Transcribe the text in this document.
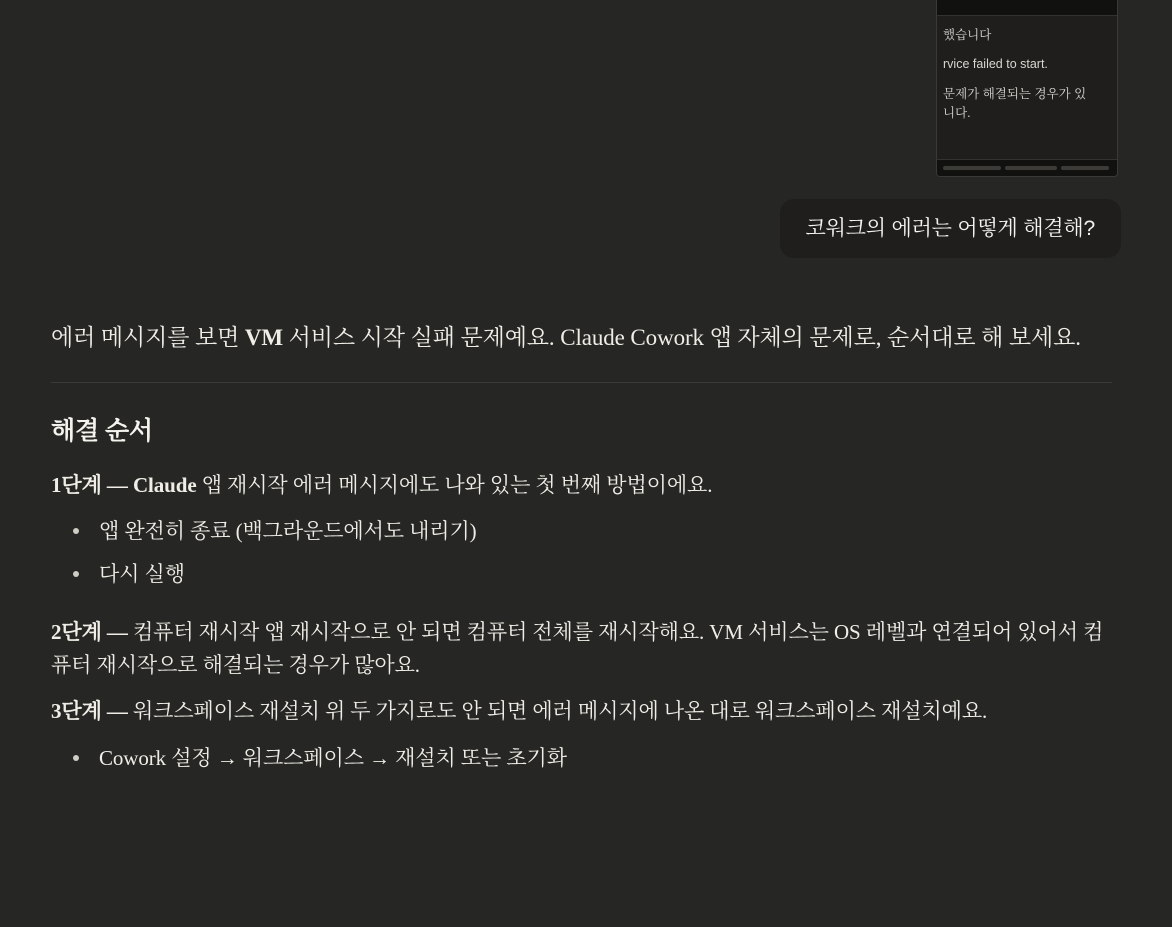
했습니다
rvice failed to start.
문제가 해결되는 경우가 있
니다.
코워크의 에러는 어떻게 해결해?

에러 메시지를 보면 VM 서비스 시작 실패 문제예요. Claude Cowork 앱 자체의 문제로, 순서대로 해 보세요.

해결 순서

1단계 — Claude 앱 재시작 에러 메시지에도 나와 있는 첫 번째 방법이에요.

앱 완전히 종료 (백그라운드에서도 내리기)
다시 실행

2단계 — 컴퓨터 재시작 앱 재시작으로 안 되면 컴퓨터 전체를 재시작해요. VM 서비스는 OS 레벨과 연결되어 있어서 컴퓨터 재시작으로 해결되는 경우가 많아요.

3단계 — 워크스페이스 재설치 위 두 가지로도 안 되면 에러 메시지에 나온 대로 워크스페이스 재설치예요.

Cowork 설정 → 워크스페이스 → 재설치 또는 초기화
